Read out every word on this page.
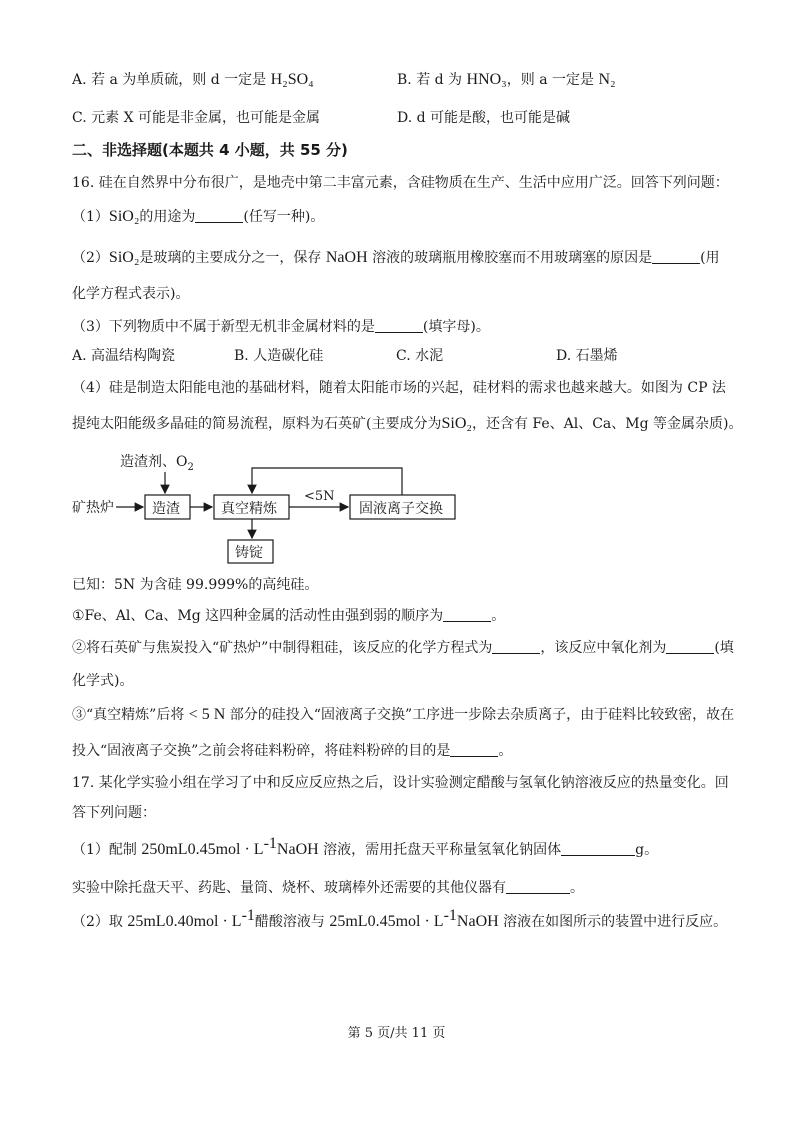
A. 若 a 为单质硫，则 d 一定是 H₂SO₄	B. 若 d 为 HNO₃，则 a 一定是 N₂
C. 元素 X 可能是非金属，也可能是金属	D. d 可能是酸，也可能是碱
二、非选择题(本题共 4 小题，共 55 分)
16. 硅在自然界中分布很广，是地壳中第二丰富元素，含硅物质在生产、生活中应用广泛。回答下列问题：
（1）SiO₂的用途为	(任写一种)。
（2）SiO₂是玻璃的主要成分之一，保存 NaOH 溶液的玻璃瓶用橡胶塞而不用玻璃塞的原因是	(用
化学方程式表示)。
（3）下列物质中不属于新型无机非金属材料的是	(填字母)。
A. 高温结构陶瓷	B. 人造碳化硅	C. 水泥	D. 石墨烯
（4）硅是制造太阳能电池的基础材料，随着太阳能市场的兴起，硅材料的需求也越来越大。如图为 CP 法
提纯太阳能级多晶硅的简易流程，原料为石英矿(主要成分为SiO₂，还含有 Fe、Al、Ca、Mg 等金属杂质)。
矿热炉
造渣剂、$O_2$
造渣	真空精炼
<5N
固液离子交换
铸锭
已知：5N 为含硅 99.999%的高纯硅。
①Fe、Al、Ca、Mg 这四种金属的活动性由强到弱的顺序为	。
②将石英矿与焦炭投入“矿热炉”中制得粗硅，该反应的化学方程式为	，该反应中氧化剂为	(填
化学式)。
③“真空精炼”后将 < 5 N 部分的硅投入“固液离子交换”工序进一步除去杂质离子，由于硅料比较致密，故在
投入“固液离子交换”之前会将硅料粉碎，将硅料粉碎的目的是	。
17. 某化学实验小组在学习了中和反应反应热之后，设计实验测定醋酸与氢氧化钠溶液反应的热量变化。回
答下列问题：
（1）配制 $250mL0.45mol \cdot L^{-1}NaOH$ 溶液，需用托盘天平称量氢氧化钠固体	g。
实验中除托盘天平、药匙、量筒、烧杯、玻璃棒外还需要的其他仪器有	。
（2）取 $25mL0.40mol \cdot L^{-1}$醋酸溶液与 $25mL0.45mol \cdot L^{-1}NaOH$ 溶液在如图所示的装置中进行反应。
第 5 页/共 11 页
